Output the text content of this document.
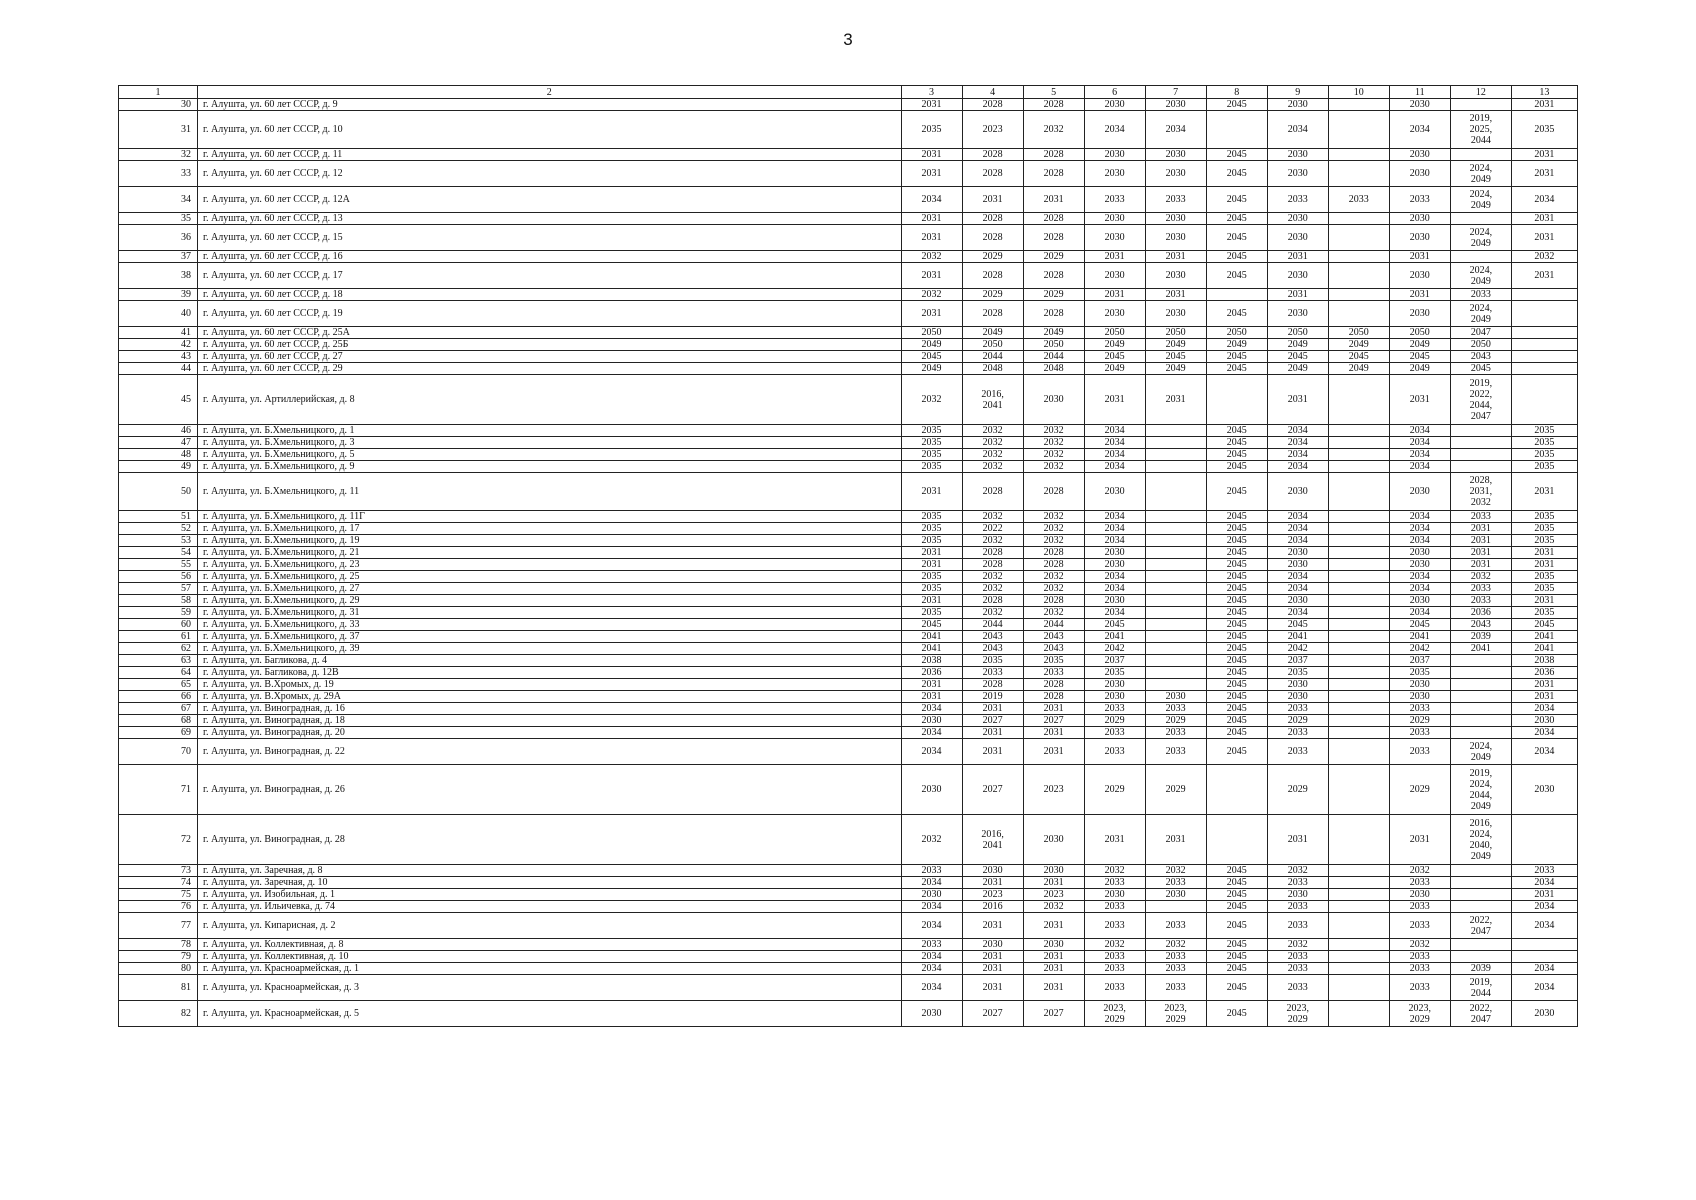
3
1	2	3	4	5	6	7	8	9	10	11	12	13
30	г. Алушта, ул. 60 лет СССР, д. 9	2031	2028	2028	2030	2030	2045	2030		2030		2031
31	г. Алушта, ул. 60 лет СССР, д. 10	2035	2023	2032	2034	2034		2034		2034	2019,
2025,
2044	2035
32	г. Алушта, ул. 60 лет СССР, д. 11	2031	2028	2028	2030	2030	2045	2030		2030		2031
33	г. Алушта, ул. 60 лет СССР, д. 12	2031	2028	2028	2030	2030	2045	2030		2030	2024,
2049	2031
34	г. Алушта, ул. 60 лет СССР, д. 12А	2034	2031	2031	2033	2033	2045	2033	2033	2033	2024,
2049	2034
35	г. Алушта, ул. 60 лет СССР, д. 13	2031	2028	2028	2030	2030	2045	2030		2030		2031
36	г. Алушта, ул. 60 лет СССР, д. 15	2031	2028	2028	2030	2030	2045	2030		2030	2024,
2049	2031
37	г. Алушта, ул. 60 лет СССР, д. 16	2032	2029	2029	2031	2031	2045	2031		2031		2032
38	г. Алушта, ул. 60 лет СССР, д. 17	2031	2028	2028	2030	2030	2045	2030		2030	2024,
2049	2031
39	г. Алушта, ул. 60 лет СССР, д. 18	2032	2029	2029	2031	2031		2031		2031	2033	
40	г. Алушта, ул. 60 лет СССР, д. 19	2031	2028	2028	2030	2030	2045	2030		2030	2024,
2049	
41	г. Алушта, ул. 60 лет СССР, д. 25А	2050	2049	2049	2050	2050	2050	2050	2050	2050	2047	
42	г. Алушта, ул. 60 лет СССР, д. 25Б	2049	2050	2050	2049	2049	2049	2049	2049	2049	2050	
43	г. Алушта, ул. 60 лет СССР, д. 27	2045	2044	2044	2045	2045	2045	2045	2045	2045	2043	
44	г. Алушта, ул. 60 лет СССР, д. 29	2049	2048	2048	2049	2049	2045	2049	2049	2049	2045	
45	г. Алушта, ул. Артиллерийская, д. 8	2032	2016,
2041	2030	2031	2031		2031		2031	2019,
2022,
2044,
2047	
46	г. Алушта, ул. Б.Хмельницкого, д. 1	2035	2032	2032	2034		2045	2034		2034		2035
47	г. Алушта, ул. Б.Хмельницкого, д. 3	2035	2032	2032	2034		2045	2034		2034		2035
48	г. Алушта, ул. Б.Хмельницкого, д. 5	2035	2032	2032	2034		2045	2034		2034		2035
49	г. Алушта, ул. Б.Хмельницкого, д. 9	2035	2032	2032	2034		2045	2034		2034		2035
50	г. Алушта, ул. Б.Хмельницкого, д. 11	2031	2028	2028	2030		2045	2030		2030	2028,
2031,
2032	2031
51	г. Алушта, ул. Б.Хмельницкого, д. 11Г	2035	2032	2032	2034		2045	2034		2034	2033	2035
52	г. Алушта, ул. Б.Хмельницкого, д. 17	2035	2022	2032	2034		2045	2034		2034	2031	2035
53	г. Алушта, ул. Б.Хмельницкого, д. 19	2035	2032	2032	2034		2045	2034		2034	2031	2035
54	г. Алушта, ул. Б.Хмельницкого, д. 21	2031	2028	2028	2030		2045	2030		2030	2031	2031
55	г. Алушта, ул. Б.Хмельницкого, д. 23	2031	2028	2028	2030		2045	2030		2030	2031	2031
56	г. Алушта, ул. Б.Хмельницкого, д. 25	2035	2032	2032	2034		2045	2034		2034	2032	2035
57	г. Алушта, ул. Б.Хмельницкого, д. 27	2035	2032	2032	2034		2045	2034		2034	2033	2035
58	г. Алушта, ул. Б.Хмельницкого, д. 29	2031	2028	2028	2030		2045	2030		2030	2033	2031
59	г. Алушта, ул. Б.Хмельницкого, д. 31	2035	2032	2032	2034		2045	2034		2034	2036	2035
60	г. Алушта, ул. Б.Хмельницкого, д. 33	2045	2044	2044	2045		2045	2045		2045	2043	2045
61	г. Алушта, ул. Б.Хмельницкого, д. 37	2041	2043	2043	2041		2045	2041		2041	2039	2041
62	г. Алушта, ул. Б.Хмельницкого, д. 39	2041	2043	2043	2042		2045	2042		2042	2041	2041
63	г. Алушта, ул. Багликова, д. 4	2038	2035	2035	2037		2045	2037		2037		2038
64	г. Алушта, ул. Багликова, д. 12В	2036	2033	2033	2035		2045	2035		2035		2036
65	г. Алушта, ул. В.Хромых, д. 19	2031	2028	2028	2030		2045	2030		2030		2031
66	г. Алушта, ул. В.Хромых, д. 29А	2031	2019	2028	2030	2030	2045	2030		2030		2031
67	г. Алушта, ул. Виноградная, д. 16	2034	2031	2031	2033	2033	2045	2033		2033		2034
68	г. Алушта, ул. Виноградная, д. 18	2030	2027	2027	2029	2029	2045	2029		2029		2030
69	г. Алушта, ул. Виноградная, д. 20	2034	2031	2031	2033	2033	2045	2033		2033		2034
70	г. Алушта, ул. Виноградная, д. 22	2034	2031	2031	2033	2033	2045	2033		2033	2024,
2049	2034
71	г. Алушта, ул. Виноградная, д. 26	2030	2027	2023	2029	2029		2029		2029	2019,
2024,
2044,
2049	2030
72	г. Алушта, ул. Виноградная, д. 28	2032	2016,
2041	2030	2031	2031		2031		2031	2016,
2024,
2040,
2049	
73	г. Алушта, ул. Заречная, д. 8	2033	2030	2030	2032	2032	2045	2032		2032		2033
74	г. Алушта, ул. Заречная, д. 10	2034	2031	2031	2033	2033	2045	2033		2033		2034
75	г. Алушта, ул. Изобильная, д. 1	2030	2023	2023	2030	2030	2045	2030		2030		2031
76	г. Алушта, ул. Ильичевка, д. 74	2034	2016	2032	2033		2045	2033		2033		2034
77	г. Алушта, ул. Кипарисная, д. 2	2034	2031	2031	2033	2033	2045	2033		2033	2022,
2047	2034
78	г. Алушта, ул. Коллективная, д. 8	2033	2030	2030	2032	2032	2045	2032		2032		
79	г. Алушта, ул. Коллективная, д. 10	2034	2031	2031	2033	2033	2045	2033		2033		
80	г. Алушта, ул. Красноармейская, д. 1	2034	2031	2031	2033	2033	2045	2033		2033	2039	2034
81	г. Алушта, ул. Красноармейская, д. 3	2034	2031	2031	2033	2033	2045	2033		2033	2019,
2044	2034
82	г. Алушта, ул. Красноармейская, д. 5	2030	2027	2027	2023,
2029	2023,
2029	2045	2023,
2029		2023,
2029	2022,
2047	2030
